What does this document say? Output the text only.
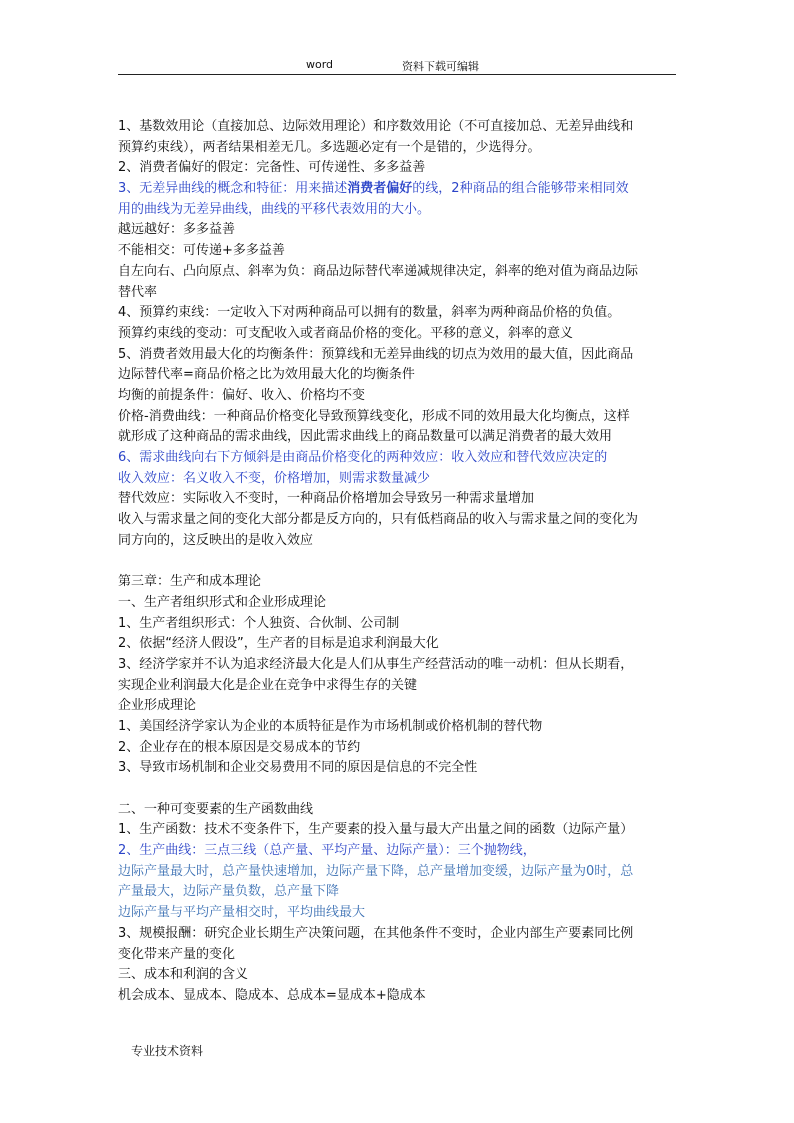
word	资料下载可编辑
1、基数效用论（直接加总、边际效用理论）和序数效用论（不可直接加总、无差异曲线和
预算约束线），两者结果相差无几。多选题必定有一个是错的，少选得分。
2、消费者偏好的假定：完备性、可传递性、多多益善
3、无差异曲线的概念和特征：用来描述消费者偏好的线，2种商品的组合能够带来相同效
用的曲线为无差异曲线，曲线的平移代表效用的大小。
越远越好：多多益善
不能相交：可传递+多多益善
自左向右、凸向原点、斜率为负：商品边际替代率递减规律决定，斜率的绝对值为商品边际
替代率
4、预算约束线：一定收入下对两种商品可以拥有的数量，斜率为两种商品价格的负值。
预算约束线的变动：可支配收入或者商品价格的变化。平移的意义，斜率的意义
5、消费者效用最大化的均衡条件：预算线和无差异曲线的切点为效用的最大值，因此商品
边际替代率=商品价格之比为效用最大化的均衡条件
均衡的前提条件：偏好、收入、价格均不变
价格-消费曲线：一种商品价格变化导致预算线变化，形成不同的效用最大化均衡点，这样
就形成了这种商品的需求曲线，因此需求曲线上的商品数量可以满足消费者的最大效用
6、需求曲线向右下方倾斜是由商品价格变化的两种效应：收入效应和替代效应决定的
收入效应：名义收入不变，价格增加，则需求数量减少
替代效应：实际收入不变时，一种商品价格增加会导致另一种需求量增加
收入与需求量之间的变化大部分都是反方向的，只有低档商品的收入与需求量之间的变化为
同方向的，这反映出的是收入效应
第三章：生产和成本理论
一、生产者组织形式和企业形成理论
1、生产者组织形式：个人独资、合伙制、公司制
2、依据“经济人假设”，生产者的目标是追求利润最大化
3、经济学家并不认为追求经济最大化是人们从事生产经营活动的唯一动机：但从长期看，
实现企业利润最大化是企业在竞争中求得生存的关键
企业形成理论
1、美国经济学家认为企业的本质特征是作为市场机制或价格机制的替代物
2、企业存在的根本原因是交易成本的节约
3、导致市场机制和企业交易费用不同的原因是信息的不完全性
二、一种可变要素的生产函数曲线
1、生产函数：技术不变条件下，生产要素的投入量与最大产出量之间的函数（边际产量）
2、生产曲线：三点三线（总产量、平均产量、边际产量）：三个抛物线，
边际产量最大时，总产量快速增加，边际产量下降，总产量增加变缓，边际产量为0时，总
产量最大，边际产量负数，总产量下降
边际产量与平均产量相交时，平均曲线最大
3、规模报酬：研究企业长期生产决策问题，在其他条件不变时，企业内部生产要素同比例
变化带来产量的变化
三、成本和利润的含义
机会成本、显成本、隐成本、总成本=显成本+隐成本
专业技术资料
